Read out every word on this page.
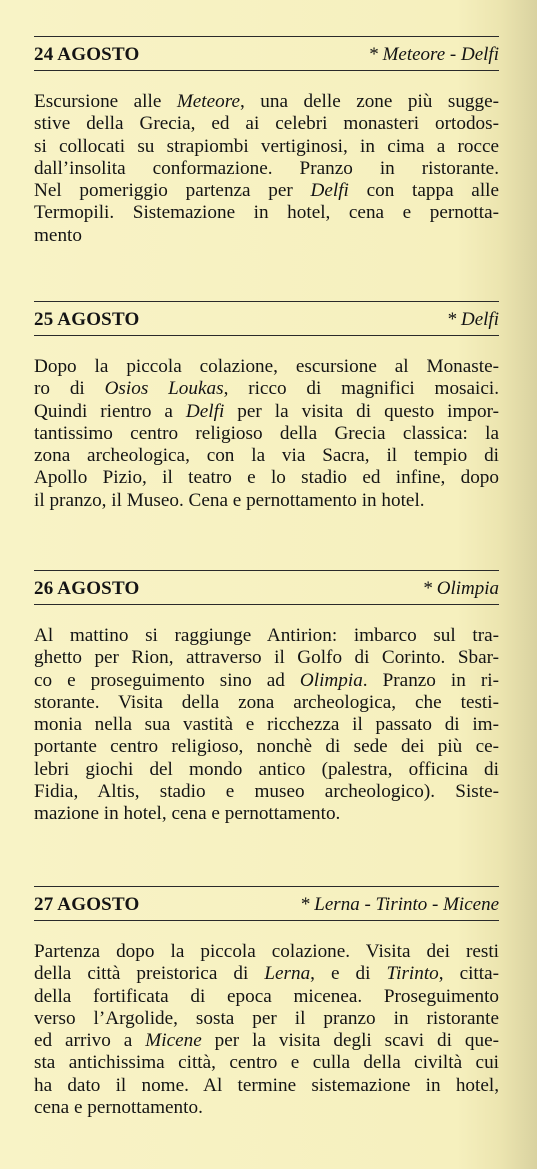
24 AGOSTO	* Meteore - Delfi
Escursione alle Meteore, una delle zone più sugge-
stive della Grecia, ed ai celebri monasteri ortodos-
si collocati su strapiombi vertiginosi, in cima a rocce
dall’insolita conformazione. Pranzo in ristorante.
Nel pomeriggio partenza per Delfi con tappa alle
Termopili. Sistemazione in hotel, cena e pernotta-
mento
25 AGOSTO	* Delfi
Dopo la piccola colazione, escursione al Monaste-
ro di Osios Loukas, ricco di magnifici mosaici.
Quindi rientro a Delfi per la visita di questo impor-
tantissimo centro religioso della Grecia classica: la
zona archeologica, con la via Sacra, il tempio di
Apollo Pizio, il teatro e lo stadio ed infine, dopo
il pranzo, il Museo. Cena e pernottamento in hotel.
26 AGOSTO	* Olimpia
Al mattino si raggiunge Antirion: imbarco sul tra-
ghetto per Rion, attraverso il Golfo di Corinto. Sbar-
co e proseguimento sino ad Olimpia. Pranzo in ri-
storante. Visita della zona archeologica, che testi-
monia nella sua vastità e ricchezza il passato di im-
portante centro religioso, nonchè di sede dei più ce-
lebri giochi del mondo antico (palestra, officina di
Fidia, Altis, stadio e museo archeologico). Siste-
mazione in hotel, cena e pernottamento.
27 AGOSTO	* Lerna - Tirinto - Micene
Partenza dopo la piccola colazione. Visita dei resti
della città preistorica di Lerna, e di Tirinto, citta-
della fortificata di epoca micenea. Proseguimento
verso l’Argolide, sosta per il pranzo in ristorante
ed arrivo a Micene per la visita degli scavi di que-
sta antichissima città, centro e culla della civiltà cui
ha dato il nome. Al termine sistemazione in hotel,
cena e pernottamento.
